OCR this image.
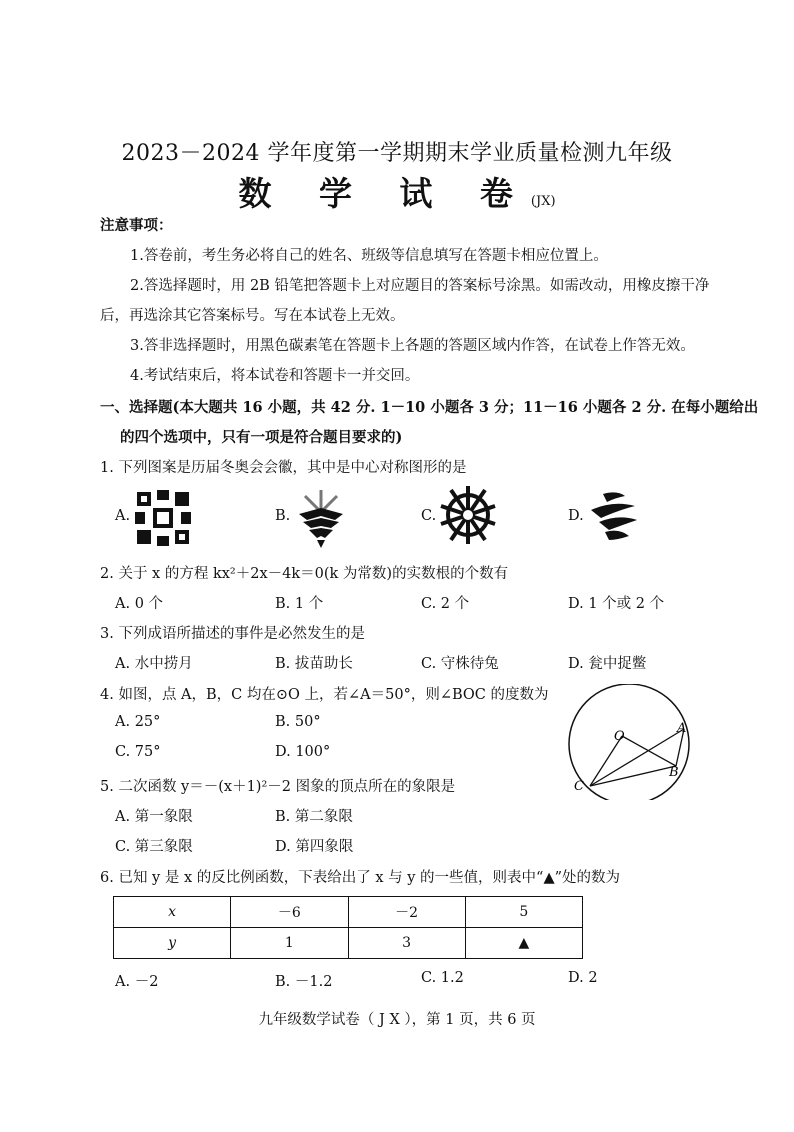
2023－2024 学年度第一学期期末学业质量检测九年级
数 学 试 卷(JX)
注意事项：
1.答卷前，考生务必将自己的姓名、班级等信息填写在答题卡相应位置上。
2.答选择题时，用 2B 铅笔把答题卡上对应题目的答案标号涂黑。如需改动，用橡皮擦干净
后，再选涂其它答案标号。写在本试卷上无效。
3.答非选择题时，用黑色碳素笔在答题卡上各题的答题区域内作答，在试卷上作答无效。
4.考试结束后，将本试卷和答题卡一并交回。
一、选择题(本大题共 16 小题，共 42 分. 1－10 小题各 3 分；11－16 小题各 2 分. 在每小题给出
的四个选项中，只有一项是符合题目要求的)
1. 下列图案是历届冬奥会会徽，其中是中心对称图形的是
A.	B.	C.	D.
2. 关于 x 的方程 kx²＋2x－4k＝0(k 为常数)的实数根的个数有
A. 0 个	B. 1 个	C. 2 个	D. 1 个或 2 个
3. 下列成语所描述的事件是必然发生的是
A. 水中捞月	B. 拔苗助长	C. 守株待兔	D. 瓮中捉鳖
4. 如图，点 A，B，C 均在⊙O 上，若∠A＝50°，则∠BOC 的度数为
A. 25°	B. 50°
C. 75°	D. 100°
O
A
B
C
5. 二次函数 y＝－(x＋1)²－2 图象的顶点所在的象限是
A. 第一象限	B. 第二象限
C. 第三象限	D. 第四象限
6. 已知 y 是 x 的反比例函数，下表给出了 x 与 y 的一些值，则表中“▲”处的数为
x	－6	－2	5
y	1	3	▲
A. －2	B. －1.2	C. 1.2	D. 2
九年级数学试卷（ J X ），第 1 页，共 6 页
